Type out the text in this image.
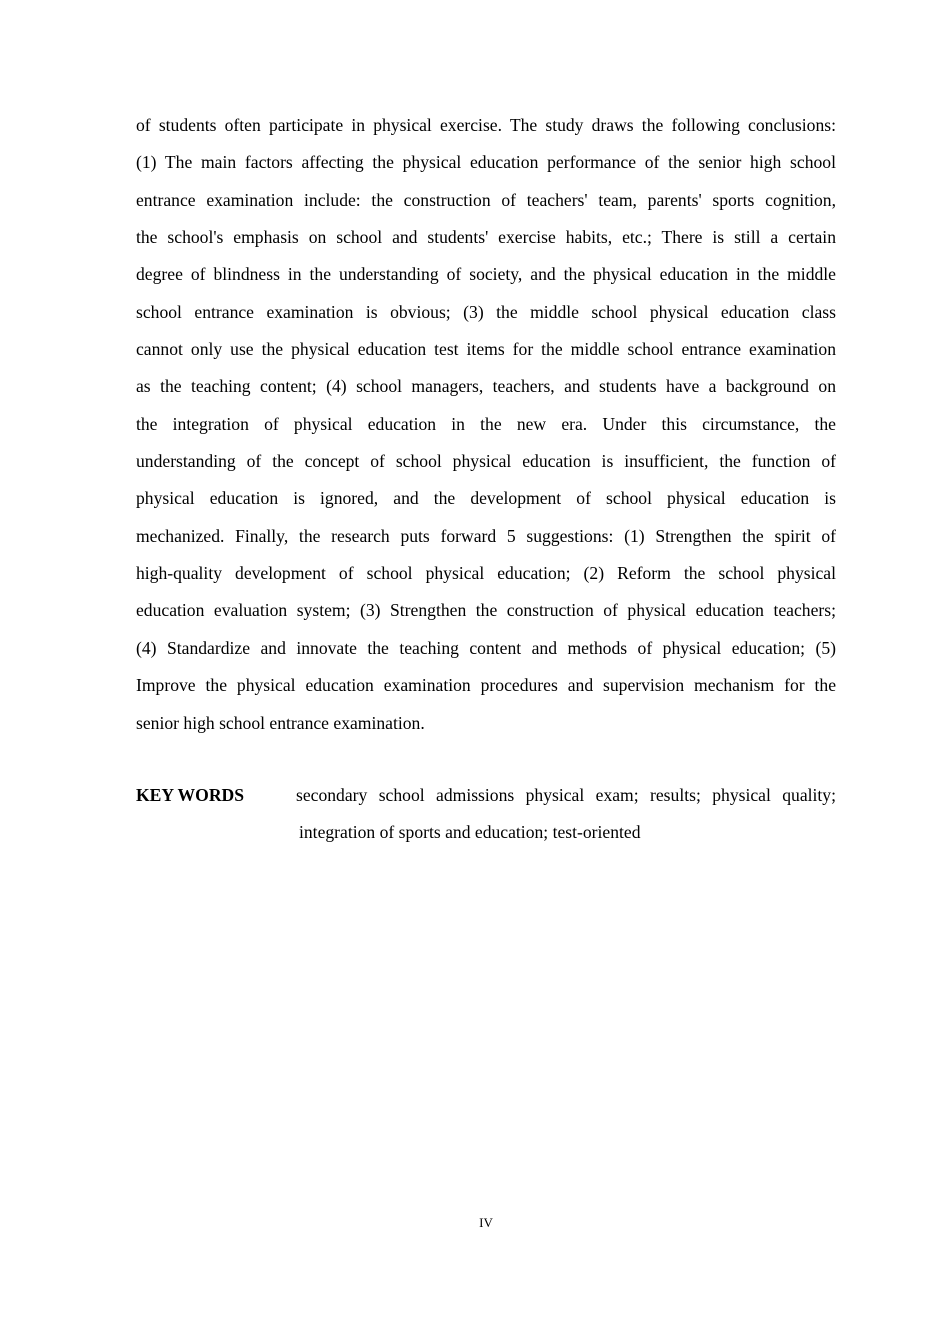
of students often participate in physical exercise. The study draws the following conclusions:
(1) The main factors affecting the physical education performance of the senior high school
entrance examination include: the construction of teachers' team, parents' sports cognition,
the school's emphasis on school and students' exercise habits, etc.; There is still a certain
degree of blindness in the understanding of society, and the physical education in the middle
school entrance examination is obvious; (3) the middle school physical education class
cannot only use the physical education test items for the middle school entrance examination
as the teaching content; (4) school managers, teachers, and students have a background on
the integration of physical education in the new era. Under this circumstance, the
understanding of the concept of school physical education is insufficient, the function of
physical education is ignored, and the development of school physical education is
mechanized. Finally, the research puts forward 5 suggestions: (1) Strengthen the spirit of
high-quality development of school physical education; (2) Reform the school physical
education evaluation system; (3) Strengthen the construction of physical education teachers;
(4) Standardize and innovate the teaching content and methods of physical education; (5)
Improve the physical education examination procedures and supervision mechanism for the
senior high school entrance examination.
KEY WORDS	secondary school admissions physical exam; results; physical quality;
integration of sports and education; test-oriented
IV
